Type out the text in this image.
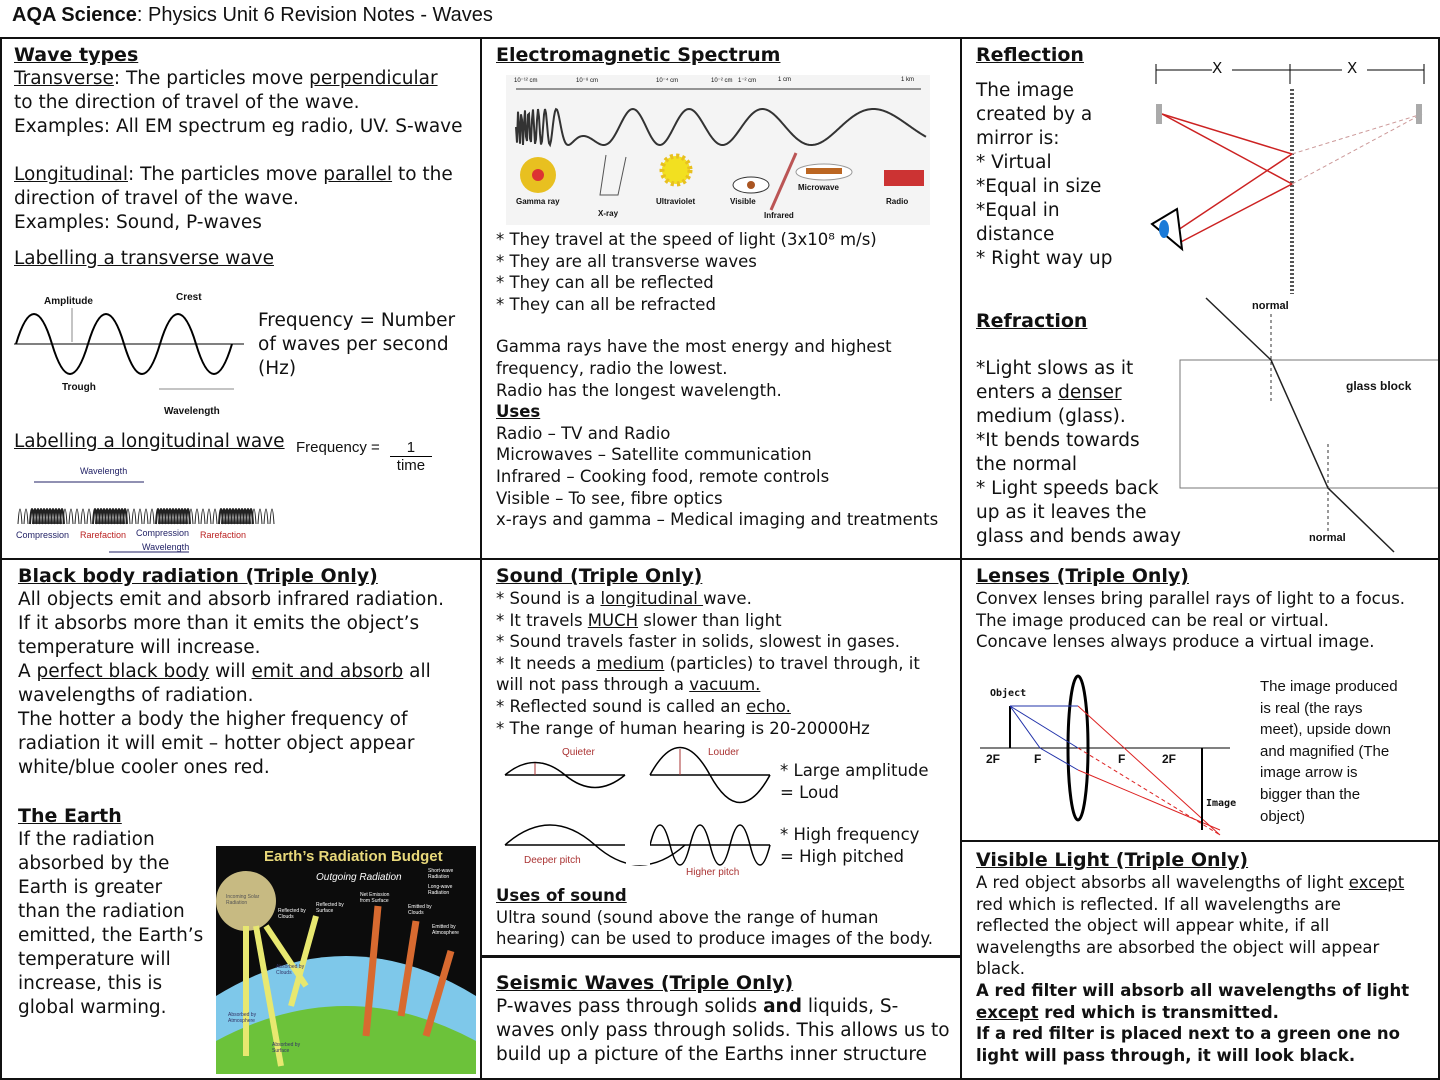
AQA Science: Physics Unit 6 Revision Notes - Waves
Wave types
Transverse: The particles move perpendicular
to the direction of travel of the wave.
Examples: All EM spectrum eg radio, UV. S-wave

Longitudinal: The particles move parallel to the
direction of travel of the wave.
Examples: Sound, P-waves
Labelling a transverse wave
Amplitude	Crest
Trough
Wavelength
Frequency = Number
of waves per second
(Hz)
Labelling a longitudinal wave Frequency =	1
time
Wavelength
Compression Rarefaction Compression Rarefaction
Wavelength
Electromagnetic Spectrum
10⁻¹² cm	10⁻⁸ cm	10⁻⁴ cm	10⁻² cm 1⁻² cm	1 cm	1 km
Gamma ray
X-ray
Ultraviolet	Visible
Infrared
Microwave
Radio
* They travel at the speed of light (3x10⁸ m/s)
* They are all transverse waves
* They can all be reflected
* They can all be refracted
Gamma rays have the most energy and highest
frequency, radio the lowest.
Radio has the longest wavelength.
Uses
Radio – TV and Radio
Microwaves – Satellite communication
Infrared – Cooking food, remote controls
Visible – To see, fibre optics
x-rays and gamma – Medical imaging and treatments
Reflection
The image
created by a
mirror is:
* Virtual
*Equal in size
*Equal in
distance
* Right way up
X	X
Refraction
*Light slows as it
enters a denser
medium (glass).
*It bends towards
the normal
* Light speeds back
up as it leaves the
glass and bends away
normal
glass block
normal
Black body radiation (Triple Only)
All objects emit and absorb infrared radiation.
If it absorbs more than it emits the object’s
temperature will increase.
A perfect black body will emit and absorb all
wavelengths of radiation.
The hotter a body the higher frequency of
radiation it will emit – hotter object appear
white/blue cooler ones red.
The Earth
If the radiation
absorbed by the
Earth is greater
than the radiation
emitted, the Earth’s
temperature will
increase, this is
global warming.
Earth’s Radiation Budget
Outgoing Radiation
Short-wave Radiation
Long-wave Radiation
Incoming Solar Radiation
Reflected by Clouds
Reflected by Surface
Net Emission from Surface
Emitted by Clouds
Emitted by Atmosphere
Absorbed by Clouds
Absorbed by Atmosphere
Absorbed by Surface
Sound (Triple Only)
* Sound is a longitudinal wave.
* It travels MUCH slower than light
* Sound travels faster in solids, slowest in gases.
* It needs a medium (particles) to travel through, it
will not pass through a vacuum.
* Reflected sound is called an echo.
* The range of human hearing is 20-20000Hz
Quieter	Louder
Deeper pitch
Higher pitch
* Large amplitude
= Loud
* High frequency
= High pitched
Uses of sound
Ultra sound (sound above the range of human
hearing) can be used to produce images of the body.
Seismic Waves (Triple Only)
P-waves pass through solids and liquids, S-
waves only pass through solids. This allows us to
build up a picture of the Earths inner structure
Lenses (Triple Only)
Convex lenses bring parallel rays of light to a focus.
The image produced can be real or virtual.
Concave lenses always produce a virtual image.
Object
Image
2F	F	F	2F
The image produced
is real (the rays
meet), upside down
and magnified (The
image arrow is
bigger than the
object)
Visible Light (Triple Only)
A red object absorbs all wavelengths of light except
red which is reflected. If all wavelengths are
reflected the object will appear white, if all
wavelengths are absorbed the object will appear
black.
A red filter will absorb all wavelengths of light
except red which is transmitted.
If a red filter is placed next to a green one no
light will pass through, it will look black.
